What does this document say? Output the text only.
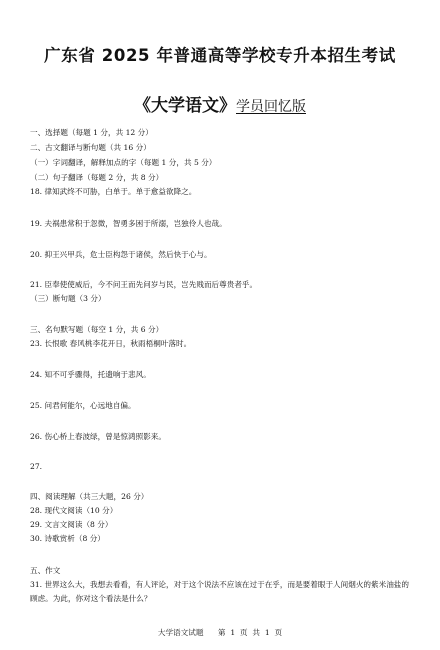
广东省 2025 年普通高等学校专升本招生考试
《大学语文》学员回忆版

一、选择题（每题 1 分，共 12 分）

二、古文翻译与断句题（共 16 分）

（一）字词翻译，解释加点的字（每题 1 分，共 5 分）

（二）句子翻译（每题 2 分，共 8 分）

18. 律知武终不可胁，白单于。单于愈益欲降之。

19. 夫祸患常积于忽微，智勇多困于所溺，岂独伶人也哉。

20. 抑王兴甲兵，危士臣构怨于诸侯，然后快于心与。

21. 臣奉使使威后，今不问王而先问岁与民，岂先贱而后尊贵者乎。

（三）断句题（3 分）

三、名句默写题（每空 1 分，共 6 分）

23. 长恨歌 春风桃李花开日，秋雨梧桐叶落时。

24. 知不可乎骤得，托遗响于悲风。

25. 问君何能尔，心远地自偏。

26. 伤心桥上春波绿，曾是惊鸿照影来。

27.

四、阅读理解（共三大题，26 分）

28. 现代文阅读（10 分）

29. 文言文阅读（8 分）

30. 诗歌赏析（8 分）

五、作文

31. 世界这么大，我想去看看，有人评论，对于这个说法不应该在过于在乎，而是要着眼于人间烟火的紫米油盐的顾虑。为此，你对这个看法是什么？

大学语文试题      第  1  页  共  1  页
